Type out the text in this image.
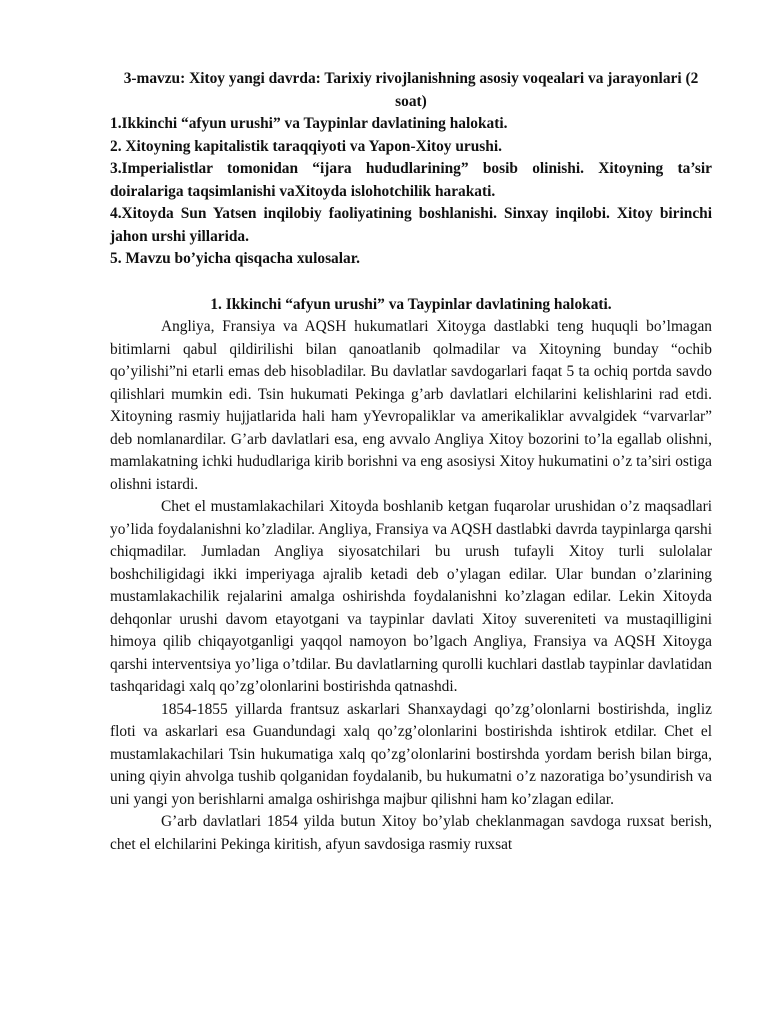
3-mavzu: Xitoy yangi davrda: Tarixiy rivojlanishning asosiy voqealari va jarayonlari (2 soat)

1.Ikkinchi “afyun urushi” va Taypinlar davlatining halokati.
2. Xitoyning kapitalistik taraqqiyoti va Yapon-Xitoy urushi.
3.Imperialistlar tomonidan “ijara hududlarining” bosib olinishi. Xitoyning ta’sir doiralariga taqsimlanishi vaXitoyda islohotchilik harakati.
4.Xitoyda Sun Yatsen inqilobiy faoliyatining boshlanishi. Sinxay inqilobi. Xitoy birinchi jahon urshi yillarida.
5. Mavzu bo’yicha qisqacha xulosalar.

1. Ikkinchi “afyun urushi” va Taypinlar davlatining halokati.

Angliya, Fransiya va AQSH hukumatlari Xitoyga dastlabki teng huquqli bo’lmagan bitimlarni qabul qildirilishi bilan qanoatlanib qolmadilar va Xitoyning bunday “ochib qo’yilishi”ni etarli emas deb hisobladilar. Bu davlatlar savdogarlari faqat 5 ta ochiq portda savdo qilishlari mumkin edi. Tsin hukumati Pekinga g’arb davlatlari elchilarini kelishlarini rad etdi. Xitoyning rasmiy hujjatlarida hali ham yYevropaliklar va amerikaliklar avvalgidek “varvarlar” deb nomlanardilar. G’arb davlatlari esa, eng avvalo Angliya Xitoy bozorini to’la egallab olishni, mamlakatning ichki hududlariga kirib borishni va eng asosiysi Xitoy hukumatini o’z ta’siri ostiga olishni istardi.

Chet el mustamlakachilari Xitoyda boshlanib ketgan fuqarolar urushidan o’z maqsadlari yo’lida foydalanishni ko’zladilar. Angliya, Fransiya va AQSH dastlabki davrda taypinlarga qarshi chiqmadilar. Jumladan Angliya siyosatchilari bu urush tufayli Xitoy turli sulolalar boshchiligidagi ikki imperiyaga ajralib ketadi deb o’ylagan edilar. Ular bundan o’zlarining mustamlakachilik rejalarini amalga oshirishda foydalanishni ko’zlagan edilar. Lekin Xitoyda dehqonlar urushi davom etayotgani va taypinlar davlati Xitoy suvereniteti va mustaqilligini himoya qilib chiqayotganligi yaqqol namoyon bo’lgach Angliya, Fransiya va AQSH Xitoyga qarshi interventsiya yo’liga o’tdilar. Bu davlatlarning qurolli kuchlari dastlab taypinlar davlatidan tashqaridagi xalq qo’zg’olonlarini bostirishda qatnashdi.

1854-1855 yillarda frantsuz askarlari Shanxaydagi qo’zg’olonlarni bostirishda, ingliz floti va askarlari esa Guandundagi xalq qo’zg’olonlarini bostirishda ishtirok etdilar. Chet el mustamlakachilari Tsin hukumatiga xalq qo’zg’olonlarini bostirshda yordam berish bilan birga, uning qiyin ahvolga tushib qolganidan foydalanib, bu hukumatni o’z nazoratiga bo’ysundirish va uni yangi yon berishlarni amalga oshirishga majbur qilishni ham ko’zlagan edilar.

G’arb davlatlari 1854 yilda butun Xitoy bo’ylab cheklanmagan savdoga ruxsat berish, chet el elchilarini Pekinga kiritish, afyun savdosiga rasmiy ruxsat
